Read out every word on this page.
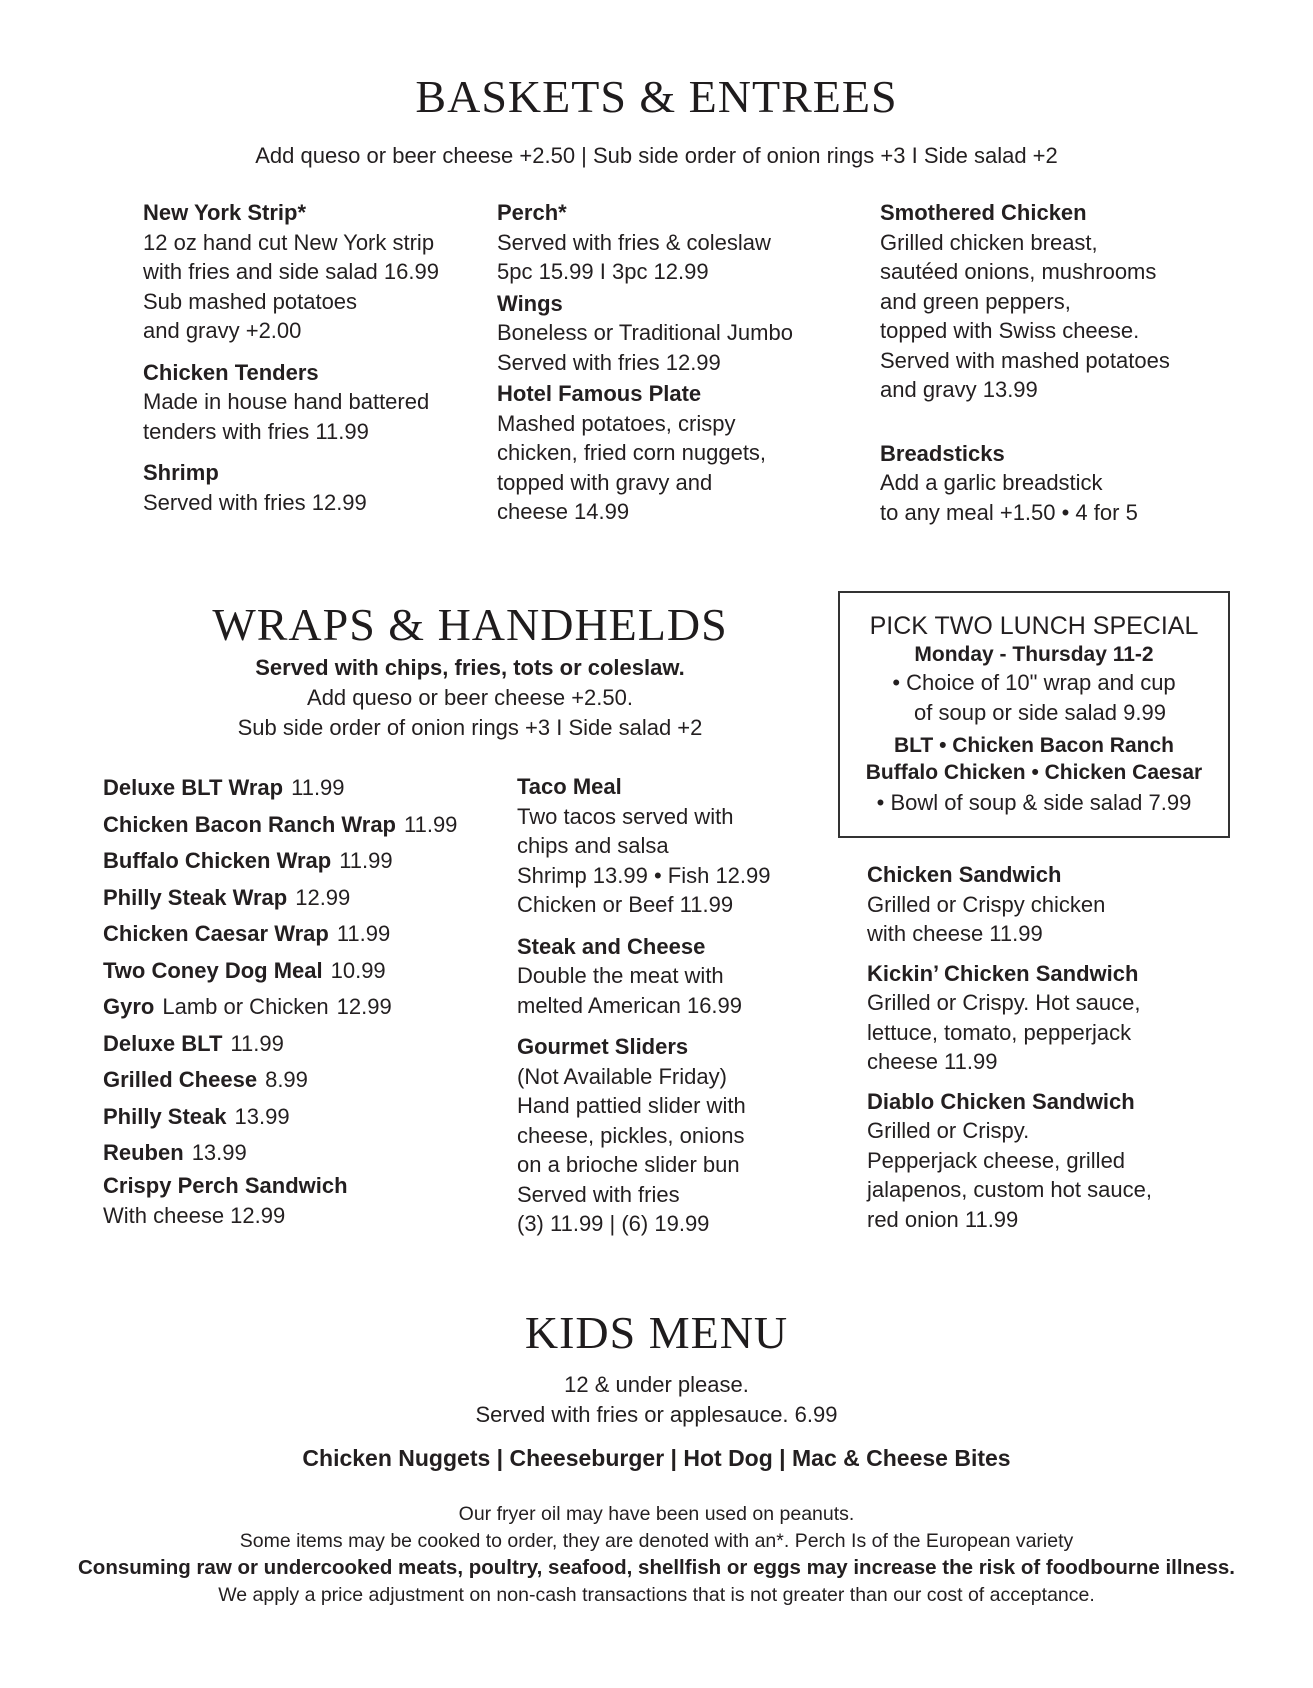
BASKETS & ENTREES
Add queso or beer cheese +2.50 | Sub side order of onion rings +3 I Side salad +2
New York Strip*
12 oz hand cut New York strip
with fries and side salad 16.99
Sub mashed potatoes
and gravy +2.00
Chicken Tenders
Made in house hand battered
tenders with fries 11.99
Shrimp
Served with fries 12.99
Perch*
Served with fries & coleslaw
5pc 15.99 I 3pc 12.99
Wings
Boneless or Traditional Jumbo
Served with fries 12.99
Hotel Famous Plate
Mashed potatoes, crispy
chicken, fried corn nuggets,
topped with gravy and
cheese 14.99
Smothered Chicken
Grilled chicken breast,
sautéed onions, mushrooms
and green peppers,
topped with Swiss cheese.
Served with mashed potatoes
and gravy 13.99
Breadsticks
Add a garlic breadstick
to any meal +1.50 • 4 for 5
WRAPS & HANDHELDS
Served with chips, fries, tots or coleslaw.
Add queso or beer cheese +2.50.
Sub side order of onion rings +3 I Side salad +2
Deluxe BLT Wrap 11.99
Chicken Bacon Ranch Wrap 11.99
Buffalo Chicken Wrap 11.99
Philly Steak Wrap 12.99
Chicken Caesar Wrap 11.99
Two Coney Dog Meal 10.99
Gyro Lamb or Chicken 12.99
Deluxe BLT 11.99
Grilled Cheese 8.99
Philly Steak 13.99
Reuben 13.99
Crispy Perch Sandwich
With cheese 12.99
Taco Meal
Two tacos served with
chips and salsa
Shrimp 13.99 • Fish 12.99
Chicken or Beef 11.99
Steak and Cheese
Double the meat with
melted American 16.99
Gourmet Sliders
(Not Available Friday)
Hand pattied slider with
cheese, pickles, onions
on a brioche slider bun
Served with fries
(3) 11.99 | (6) 19.99
PICK TWO LUNCH SPECIAL
Monday - Thursday 11-2
• Choice of 10" wrap and cup
of soup or side salad 9.99
BLT • Chicken Bacon Ranch
Buffalo Chicken • Chicken Caesar
• Bowl of soup & side salad 7.99
Chicken Sandwich
Grilled or Crispy chicken
with cheese 11.99
Kickin’ Chicken Sandwich
Grilled or Crispy. Hot sauce,
lettuce, tomato, pepperjack
cheese 11.99
Diablo Chicken Sandwich
Grilled or Crispy.
Pepperjack cheese, grilled
jalapenos, custom hot sauce,
red onion 11.99
KIDS MENU
12 & under please.
Served with fries or applesauce. 6.99
Chicken Nuggets | Cheeseburger | Hot Dog | Mac & Cheese Bites
Our fryer oil may have been used on peanuts.
Some items may be cooked to order, they are denoted with an*. Perch Is of the European variety
Consuming raw or undercooked meats, poultry, seafood, shellfish or eggs may increase the risk of foodbourne illness.
We apply a price adjustment on non-cash transactions that is not greater than our cost of acceptance.
